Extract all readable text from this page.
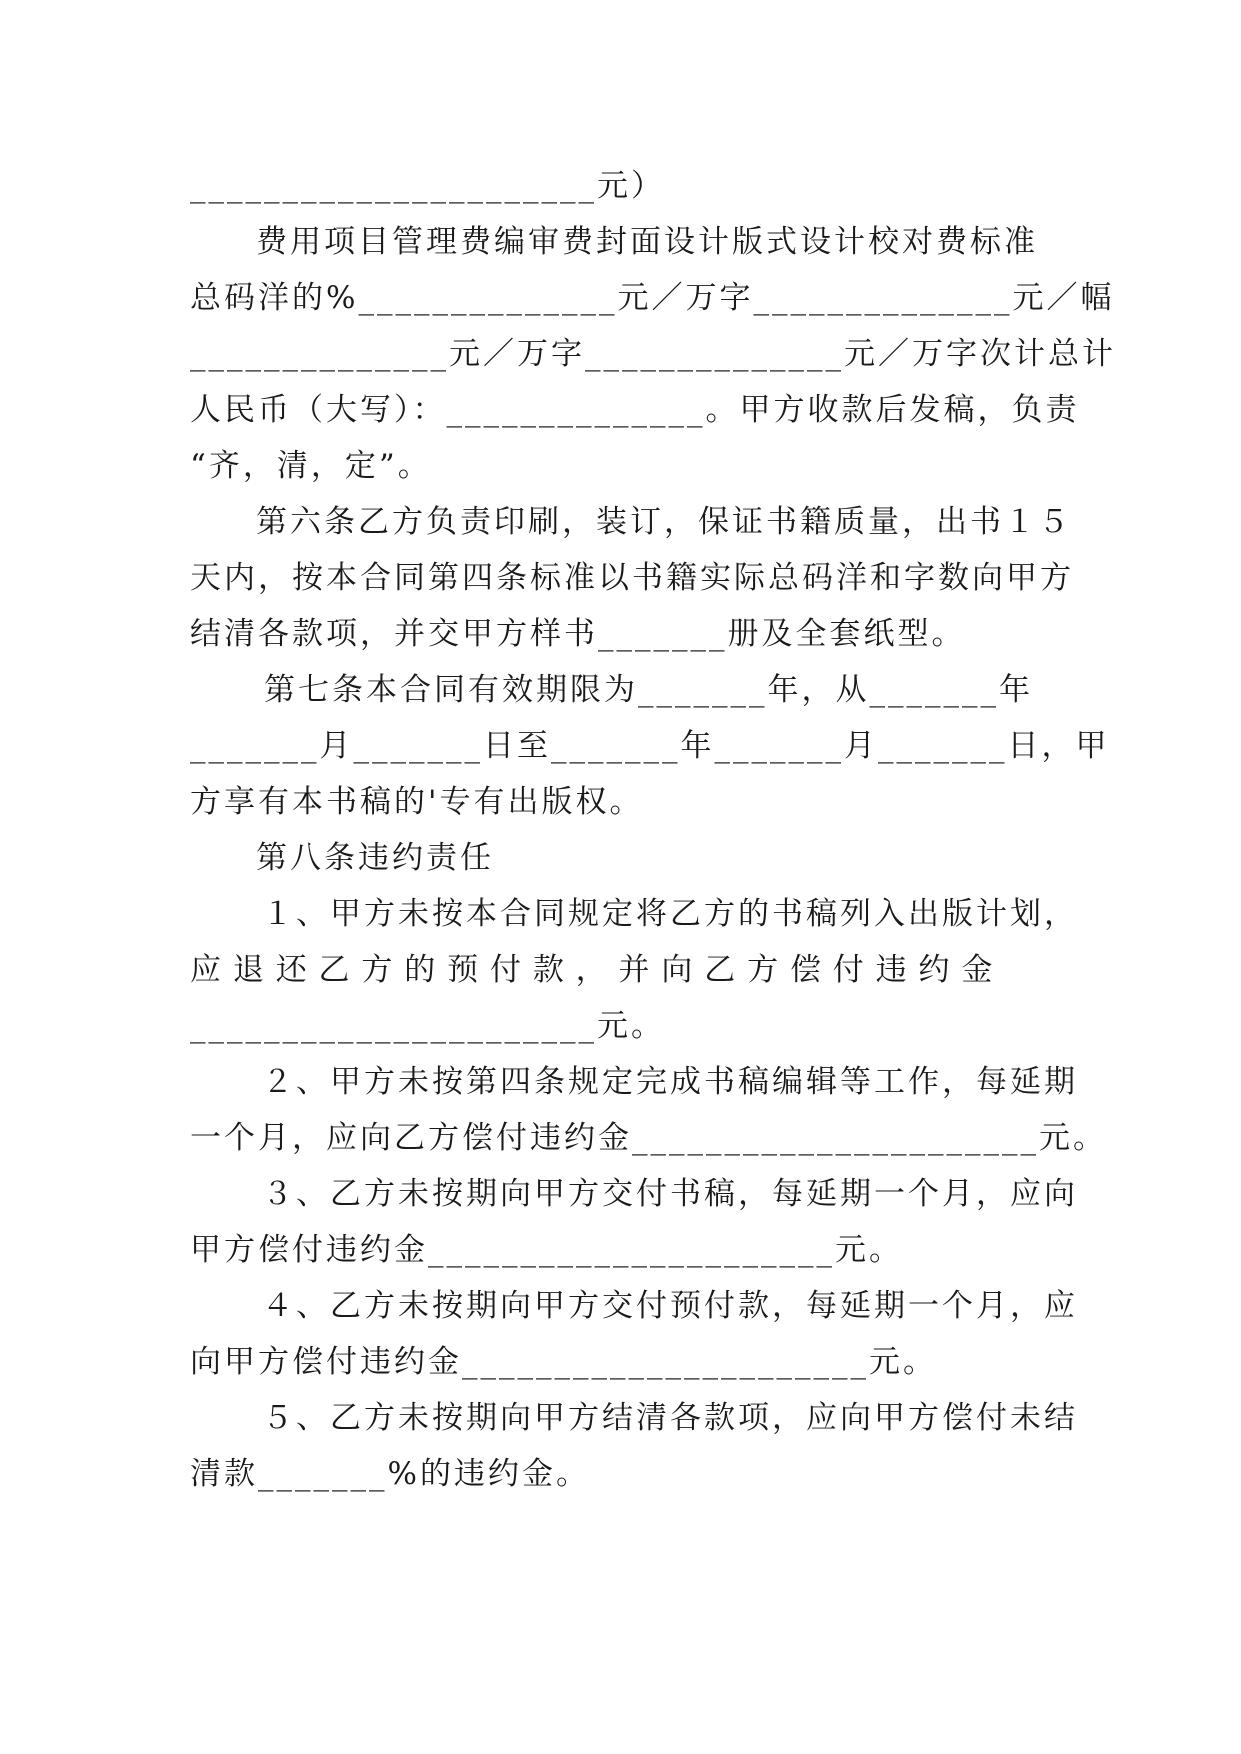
______________________元）
费用项目管理费编审费封面设计版式设计校对费标准
总码洋的%______________元／万字______________元／幅
______________元／万字______________元／万字次计总计
人民币（大写）：______________。甲方收款后发稿，负责
“齐，清，定”。
第六条乙方负责印刷，装订，保证书籍质量，出书１５
天内，按本合同第四条标准以书籍实际总码洋和字数向甲方
结清各款项，并交甲方样书_______册及全套纸型。
第七条本合同有效期限为_______年，从_______年
_______月_______日至_______年_______月_______日，甲
方享有本书稿的'专有出版权。
第八条违约责任
１、甲方未按本合同规定将乙方的书稿列入出版计划，
应 退 还 乙 方 的 预 付 款 ， 并 向 乙 方 偿 付 违 约 金
______________________元。
２、甲方未按第四条规定完成书稿编辑等工作，每延期
一个月，应向乙方偿付违约金______________________元。
３、乙方未按期向甲方交付书稿，每延期一个月，应向
甲方偿付违约金______________________元。
４、乙方未按期向甲方交付预付款，每延期一个月，应
向甲方偿付违约金______________________元。
５、乙方未按期向甲方结清各款项，应向甲方偿付未结
清款_______%的违约金。
